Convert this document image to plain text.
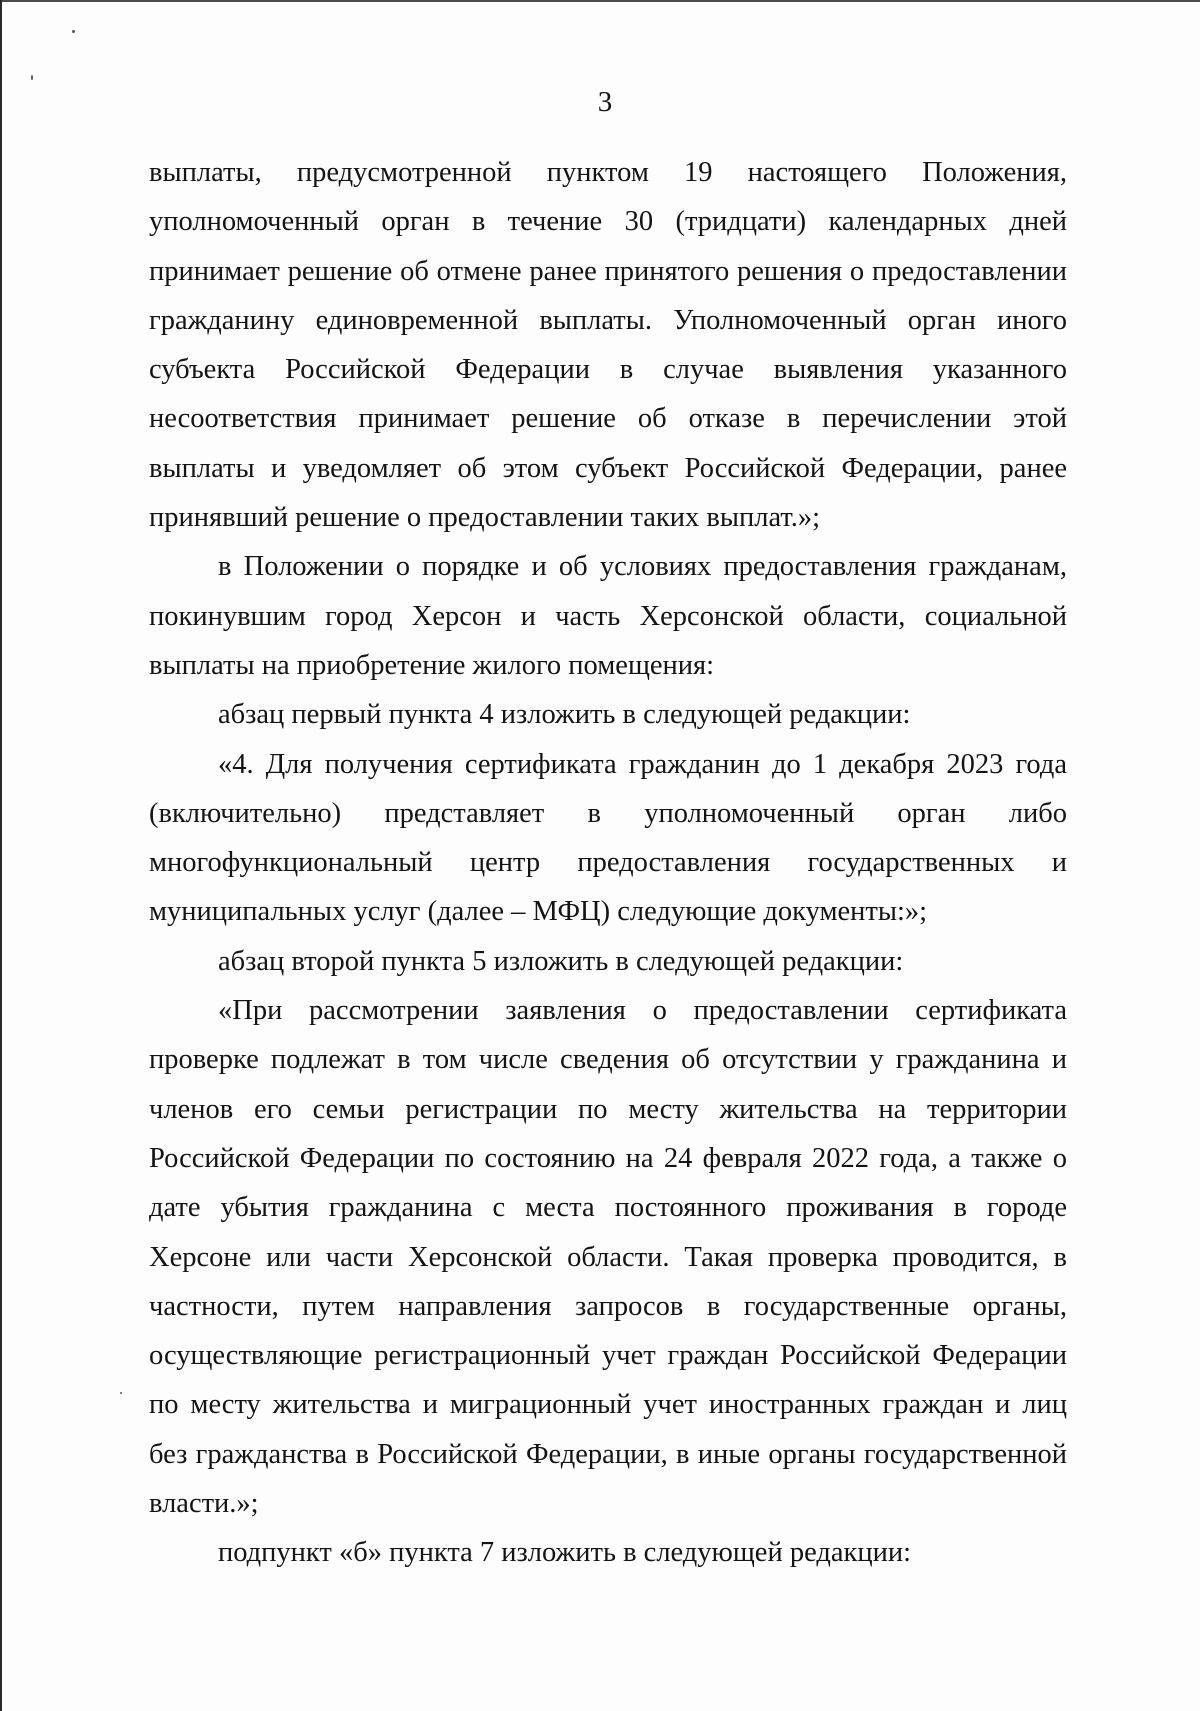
3

выплаты, предусмотренной пунктом 19 настоящего Положения, уполномоченный орган в течение 30 (тридцати) календарных дней принимает решение об отмене ранее принятого решения о предоставлении гражданину единовременной выплаты. Уполномоченный орган иного субъекта Российской Федерации в случае выявления указанного несоответствия принимает решение об отказе в перечислении этой выплаты и уведомляет об этом субъект Российской Федерации, ранее принявший решение о предоставлении таких выплат.»;

в Положении о порядке и об условиях предоставления гражданам, покинувшим город Херсон и часть Херсонской области, социальной выплаты на приобретение жилого помещения:

абзац первый пункта 4 изложить в следующей редакции:

«4. Для получения сертификата гражданин до 1 декабря 2023 года (включительно) представляет в уполномоченный орган либо многофункциональный центр предоставления государственных и муниципальных услуг (далее – МФЦ) следующие документы:»;

абзац второй пункта 5 изложить в следующей редакции:

«При рассмотрении заявления о предоставлении сертификата проверке подлежат в том числе сведения об отсутствии у гражданина и членов его семьи регистрации по месту жительства на территории Российской Федерации по состоянию на 24 февраля 2022 года, а также о дате убытия гражданина с места постоянного проживания в городе Херсоне или части Херсонской области. Такая проверка проводится, в частности, путем направления запросов в государственные органы, осуществляющие регистрационный учет граждан Российской Федерации по месту жительства и миграционный учет иностранных граждан и лиц без гражданства в Российской Федерации, в иные органы государственной власти.»;

подпункт «б» пункта 7 изложить в следующей редакции:
